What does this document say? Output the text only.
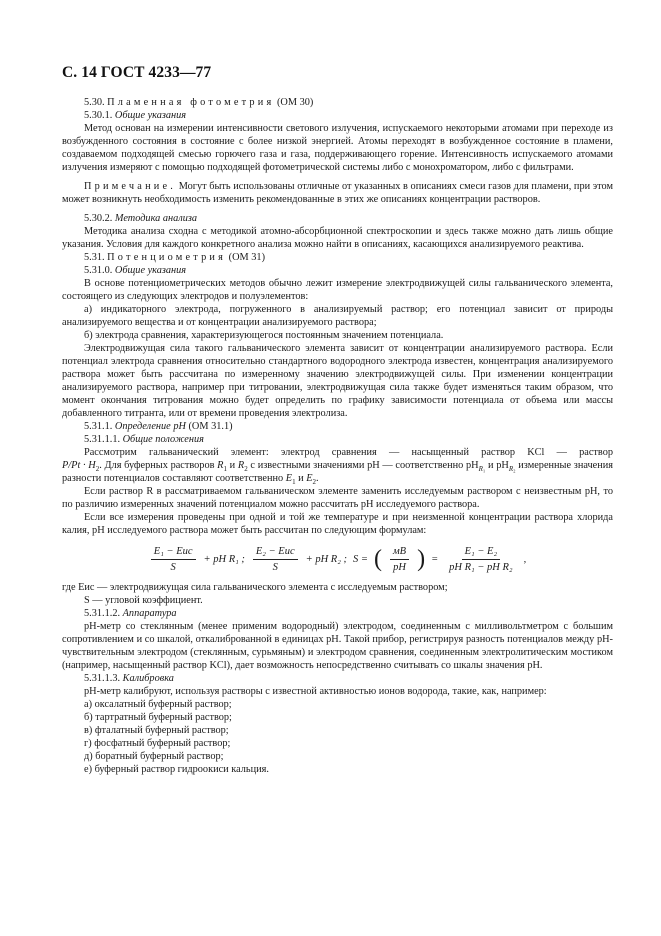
С. 14 ГОСТ 4233—77

5.30. Пламенная фотометрия (ОМ 30)

5.30.1. Общие указания

Метод основан на измерении интенсивности светового излучения, испускаемого некоторыми атомами при переходе из возбужденного состояния в состояние с более низкой энергией. Атомы переходят в возбужденное состояние в пламени, создаваемом подходящей смесью горючего газа и газа, поддерживающего горение. Интенсивность испускаемого атомами излучения измеряют с помощью подходящей фотометрической системы либо с монохроматором, либо с фильтрами.

Примечание. Могут быть использованы отличные от указанных в описаниях смеси газов для пламени, при этом может возникнуть необходимость изменить рекомендованные в этих же описаниях концентрации растворов.

5.30.2. Методика анализа

Методика анализа сходна с методикой атомно-абсорбционной спектроскопии и здесь также можно дать лишь общие указания. Условия для каждого конкретного анализа можно найти в описаниях, касающихся анализируемого реактива.

5.31. Потенциометрия (ОМ 31)

5.31.0. Общие указания

В основе потенциометрических методов обычно лежит измерение электродвижущей силы гальванического элемента, состоящего из следующих электродов и полуэлементов:

а) индикаторного электрода, погруженного в анализируемый раствор; его потенциал зависит от природы анализируемого вещества и от концентрации анализируемого раствора;

б) электрода сравнения, характеризующегося постоянным значением потенциала.

Электродвижущая сила такого гальванического элемента зависит от концентрации анализируемого раствора. Если потенциал электрода сравнения относительно стандартного водородного электрода известен, концентрация анализируемого раствора может быть рассчитана по измеренному значению электродвижущей силы. При изменении концентрации анализируемого раствора, например при титровании, электродвижущая сила также будет изменяться таким образом, что момент окончания титрования можно будет определить по графику зависимости потенциала от объема или массы добавленного титранта, или от времени проведения электролиза.

5.31.1. Определение pH (ОМ 31.1)

5.31.1.1. Общие положения

Рассмотрим гальванический элемент: электрод сравнения — насыщенный раствор KCl — раствор

$P/Pt \cdot H_2$. Для буферных растворов $R_1$ и $R_2$ с известными значениями pH — соответственно $pH_{R_1}$ и $pH_{R_2}$ измеренные значения разности потенциалов составляют соответственно $E_1$ и $E_2$.

Если раствор R в рассматриваемом гальваническом элементе заменить исследуемым раствором с неизвестным pH, то по различию измеренных значений потенциалом можно рассчитать pH исследуемого раствора.

Если все измерения проведены при одной и той же температуре и при неизменной концентрации раствора хлорида калия, pH исследуемого раствора может быть рассчитан по следующим формулам:

$\frac{\text{E₁ − Eис}}{S}$ + pH R₁ ; $\frac{\text{E₂ − Eис}}{S}$ + pH R₂ ; S = ( $\frac{мВ}{pH}$ ) = $\frac{\text{E₁ − E₂}}{\text{pH R₁ − pH R₂}}$ ,

где Eис — электродвижущая сила гальванического элемента с исследуемым раствором;

S — угловой коэффициент.

5.31.1.2. Аппаратура

pH-метр со стеклянным (менее применим водородный) электродом, соединенным с милливольтметром с большим сопротивлением и со шкалой, откалиброванной в единицах pH. Такой прибор, регистрируя разность потенциалов между pH-чувствительным электродом (стеклянным, сурьмяным) и электродом сравнения, соединенным электролитическим мостиком (например, насыщенный раствор KCl), дает возможность непосредственно считывать со шкалы значения pH.

5.31.1.3. Калибровка

pH-метр калибруют, используя растворы с известной активностью ионов водорода, такие, как, например:

а) оксалатный буферный раствор;
б) тартратный буферный раствор;
в) фталатный буферный раствор;
г) фосфатный буферный раствор;
д) боратный буферный раствор;
е) буферный раствор гидроокиси кальция.
